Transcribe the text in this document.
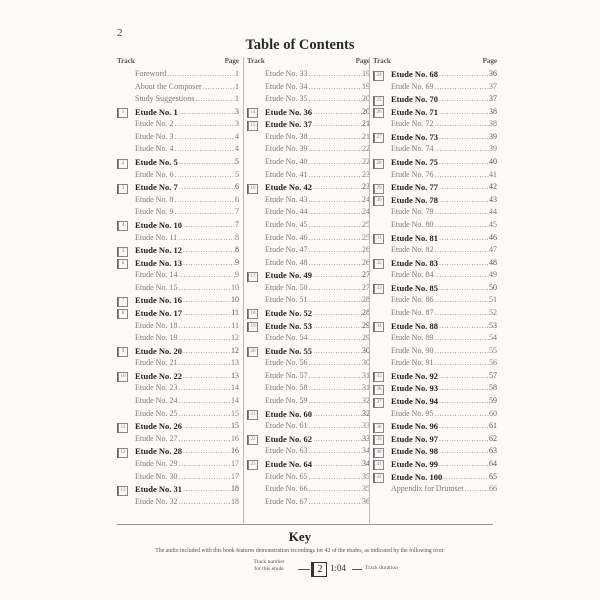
2
Table of Contents
Track	Page
Foreword .....	1
About the Composer .....	1
Study Suggestions .....	1
1	Etude No. 1 .....	3
Etude No. 2 .....	3
Etude No. 3 .....	4
Etude No. 4 .....	4
2	Etude No. 5 .....	5
Etude No. 6 .....	5
3	Etude No. 7 .....	6
Etude No. 8 .....	6
Etude No. 9 .....	7
4	Etude No. 10 .....	7
Etude No. 11 .....	8
5	Etude No. 12 .....	8
6	Etude No. 13 .....	9
Etude No. 14 .....	9
Etude No. 15 .....	10
7	Etude No. 16 .....	10
8	Etude No. 17 .....	11
Etude No. 18 .....	11
Etude No. 19 .....	12
9	Etude No. 20 .....	12
Etude No. 21 .....	13
10 Etude No. 22 .....	13
Etude No. 23 .....	14
Etude No. 24 .....	14
Etude No. 25 .....	15
11	Etude No. 26 .....	15
Etude No. 27 .....	16
12 Etude No. 28 .....	16
Etude No. 29 .....	17
Etude No. 30 .....	17
13 Etude No. 31 .....	18
Etude No. 32 .....	18
Track	Page
Etude No. 33 .....	19
Etude No. 34 .....	19
Etude No. 35 .....	20
14 Etude No. 36 .....	20
15 Etude No. 37 .....	21
Etude No. 38 .....	21
Etude No. 39 .....	22
Etude No. 40 .....	22
Etude No. 41 .....	23
16 Etude No. 42 .....	23
Etude No. 43 .....	24
Etude No. 44 .....	24
Etude No. 45 .....	25
Etude No. 46 .....	25
Etude No. 47 .....	26
Etude No. 48 .....	26
17 Etude No. 49 .....	27
Etude No. 50 .....	27
Etude No. 51 .....	28
18 Etude No. 52 .....	28
19 Etude No. 53 .....	29
Etude No. 54 .....	29
20 Etude No. 55 .....	30
Etude No. 56 .....	30
Etude No. 57 .....	31
Etude No. 58 .....	31
Etude No. 59 .....	32
21 Etude No. 60 .....	32
Etude No. 61 .....	33
22 Etude No. 62 .....	33
Etude No. 63 .....	34
23 Etude No. 64 .....	34
Etude No. 65 .....	35
Etude No. 66 .....	35
Etude No. 67 .....	36
Track	Page
24 Etude No. 68 .....	36
Etude No. 69 .....	37
25 Etude No. 70 .....	37
26 Etude No. 71 .....	38
Etude No. 72 .....	38
27 Etude No. 73 .....	39
Etude No. 74 .....	39
28 Etude No. 75 .....	40
Etude No. 76 .....	41
29 Etude No. 77 .....	42
30 Etude No. 78 .....	43
Etude No. 79 .....	44
Etude No. 80 .....	45
31 Etude No. 81 .....	46
Etude No. 82 .....	47
32 Etude No. 83 .....	48
Etude No. 84 .....	49
33 Etude No. 85 .....	50
Etude No. 86 .....	51
Etude No. 87 .....	52
34 Etude No. 88 .....	53
Etude No. 89 .....	54
Etude No. 90 .....	55
Etude No. 91 .....	56
35 Etude No. 92 .....	57
36 Etude No. 93 .....	58
37 Etude No. 94 .....	59
Etude No. 95 .....	60
38 Etude No. 96 .....	61
39 Etude No. 97 .....	62
40 Etude No. 98 .....	63
41 Etude No. 99 .....	64
42 Etude No. 100 .....	65
Appendix for Drumset .....	66
Key
The audio included with this book features demonstration recordings for 42 of the etudes, as indicated by the following icon:
Track number
for this etude	2 1:04	Track duration
